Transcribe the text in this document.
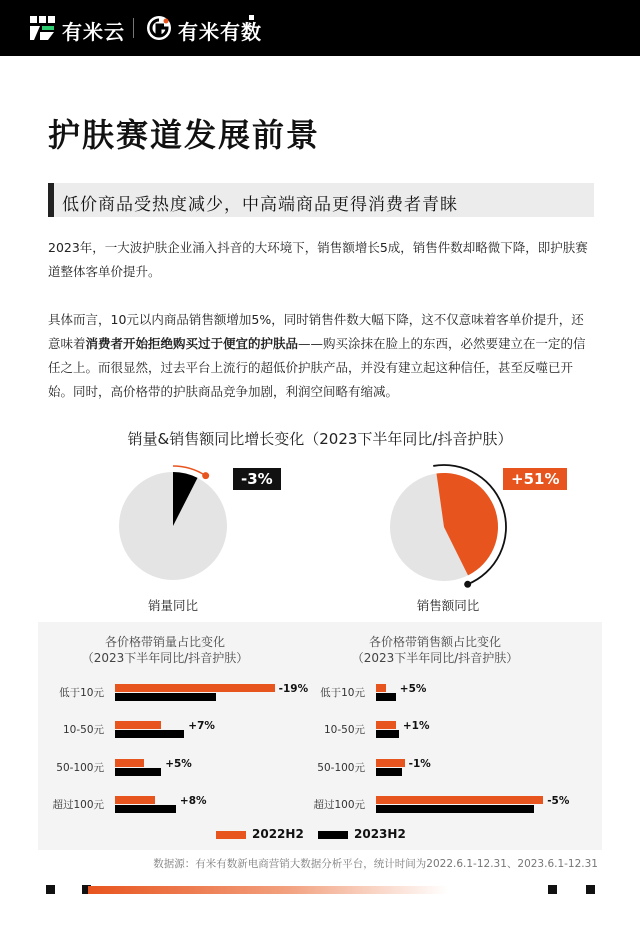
有米云	有米有数
护肤赛道发展前景
低价商品受热度减少，中高端商品更得消费者青睐

2023年，一大波护肤企业涌入抖音的大环境下，销售额增长5成，销售件数却略微下降，即护肤赛道整体客单价提升。

具体而言，10元以内商品销售额增加5%，同时销售件数大幅下降，这不仅意味着客单价提升，还意味着消费者开始拒绝购买过于便宜的护肤品——购买涂抹在脸上的东西，必然要建立在一定的信任之上。而很显然，过去平台上流行的超低价护肤产品，并没有建立起这种信任，甚至反噬已开始。同时，高价格带的护肤商品竞争加剧，利润空间略有缩减。

销量&销售额同比增长变化（2023下半年同比/抖音护肤）
-3%
销量同比
+51%
销售额同比
各价格带销量占比变化
（2023下半年同比/抖音护肤）
各价格带销售额占比变化
（2023下半年同比/抖音护肤）
低于10元	-19%
10-50元	+7%
50-100元	+5%
超过100元	+8%
低于10元	+5%
10-50元	+1%
50-100元	-1%
超过100元	-5%
2022H2	2023H2
数据源：有米有数新电商营销大数据分析平台，统计时间为2022.6.1-12.31、2023.6.1-12.31
